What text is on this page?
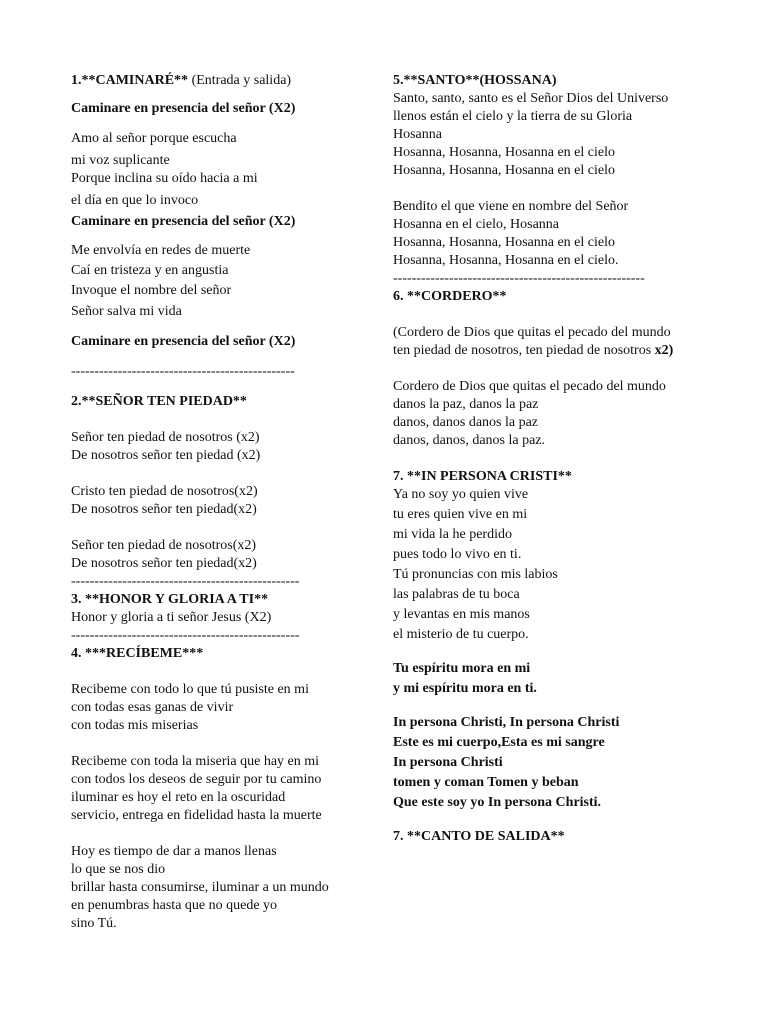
1.**CAMINARÉ** (Entrada y salida)
Caminare en presencia del señor (X2)
Amo al señor porque escucha
mi voz suplicante
Porque inclina su oído hacia a mi
el día en que lo invoco
Caminare en presencia del señor (X2)
Me envolvía en redes de muerte
Caí en tristeza y en angustia
Invoque el nombre del señor
Señor salva mi vida
Caminare en presencia del señor (X2)
------------------------------------------------
2.**SEÑOR TEN PIEDAD**
Señor ten piedad de nosotros (x2)
De nosotros señor ten piedad (x2)
Cristo ten piedad de nosotros(x2)
De nosotros señor ten piedad(x2)
Señor ten piedad de nosotros(x2)
De nosotros señor ten piedad(x2)
-------------------------------------------------
3. **HONOR Y GLORIA A TI**
Honor y gloria a ti señor Jesus (X2)
-------------------------------------------------
4. ***RECÍBEME***
Recibeme con todo lo que tú pusiste en mi
con todas esas ganas de vivir
con todas mis miserias
Recibeme con toda la miseria que hay en mi
con todos los deseos de seguir por tu camino
iluminar es hoy el reto en la oscuridad
servicio, entrega en fidelidad hasta la muerte
Hoy es tiempo de dar a manos llenas
lo que se nos dio
brillar hasta consumirse, iluminar a un mundo
en penumbras hasta que no quede yo
sino Tú.
5.**SANTO**(HOSSANA)
Santo, santo, santo es el Señor Dios del Universo
llenos están el cielo y la tierra de su Gloria
Hosanna
Hosanna, Hosanna, Hosanna en el cielo
Hosanna, Hosanna, Hosanna en el cielo
Bendito el que viene en nombre del Señor
Hosanna en el cielo, Hosanna
Hosanna, Hosanna, Hosanna en el cielo
Hosanna, Hosanna, Hosanna en el cielo.
------------------------------------------------------
6. **CORDERO**
(Cordero de Dios que quitas el pecado del mundo
ten piedad de nosotros, ten piedad de nosotros x2)
Cordero de Dios que quitas el pecado del mundo
danos la paz, danos la paz
danos, danos danos la paz
danos, danos, danos la paz.
7. **IN PERSONA CRISTI**
Ya no soy yo quien vive
tu eres quien vive en mi
mi vida la he perdido
pues todo lo vivo en ti.
Tú pronuncias con mis labios
las palabras de tu boca
y levantas en mis manos
el misterio de tu cuerpo.
Tu espíritu mora en mi
y mi espíritu mora en ti.
In persona Christi, In persona Christi
Este es mi cuerpo,Esta es mi sangre
In persona Christi
tomen y coman Tomen y beban
Que este soy yo In persona Christi.
7. **CANTO DE SALIDA**
